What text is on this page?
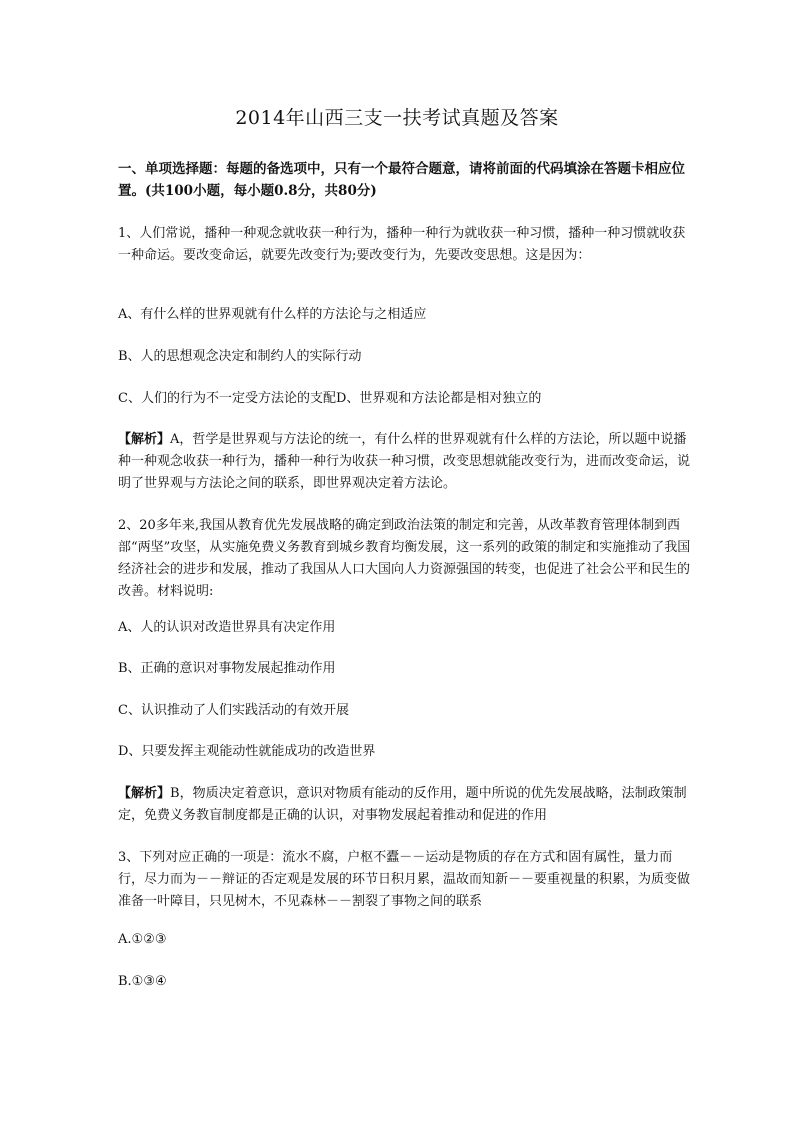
2014年山西三支一扶考试真题及答案
一、单项选择题：每题的备选项中，只有一个最符合题意，请将前面的代码填涂在答题卡相应位置。(共100小题，每小题0.8分，共80分)

1、人们常说，播种一种观念就收获一种行为，播种一种行为就收获一种习惯，播种一种习惯就收获一种命运。要改变命运，就要先改变行为;要改变行为，先要改变思想。这是因为：

A、有什么样的世界观就有什么样的方法论与之相适应

B、人的思想观念决定和制约人的实际行动

C、人们的行为不一定受方法论的支配D、世界观和方法论都是相对独立的

【解析】A，哲学是世界观与方法论的统一，有什么样的世界观就有什么样的方法论，所以题中说播种一种观念收获一种行为，播种一种行为收获一种习惯，改变思想就能改变行为，进而改变命运，说明了世界观与方法论之间的联系，即世界观决定着方法论。

2、20多年来,我国从教育优先发展战略的确定到政治法策的制定和完善，从改革教育管理体制到西部“两坚”攻坚，从实施免费义务教育到城乡教育均衡发展，这一系列的政策的制定和实施推动了我国经济社会的进步和发展，推动了我国从人口大国向人力资源强国的转变，也促进了社会公平和民生的改善。材料说明:

A、人的认识对改造世界具有决定作用

B、正确的意识对事物发展起推动作用

C、认识推动了人们实践活动的有效开展

D、只要发挥主观能动性就能成功的改造世界

【解析】B，物质决定着意识，意识对物质有能动的反作用，题中所说的优先发展战略，法制政策制定，免费义务教盲制度都是正确的认识，对事物发展起着推动和促进的作用

3、下列对应正确的一项是：流水不腐，户枢不蠹－－运动是物质的存在方式和固有属性，量力而行，尽力而为－－辩证的否定观是发展的环节日积月累，温故而知新－－要重视量的积累，为质变做准备一叶障目，只见树木，不见森林－－割裂了事物之间的联系

A.①②③

B.①③④
